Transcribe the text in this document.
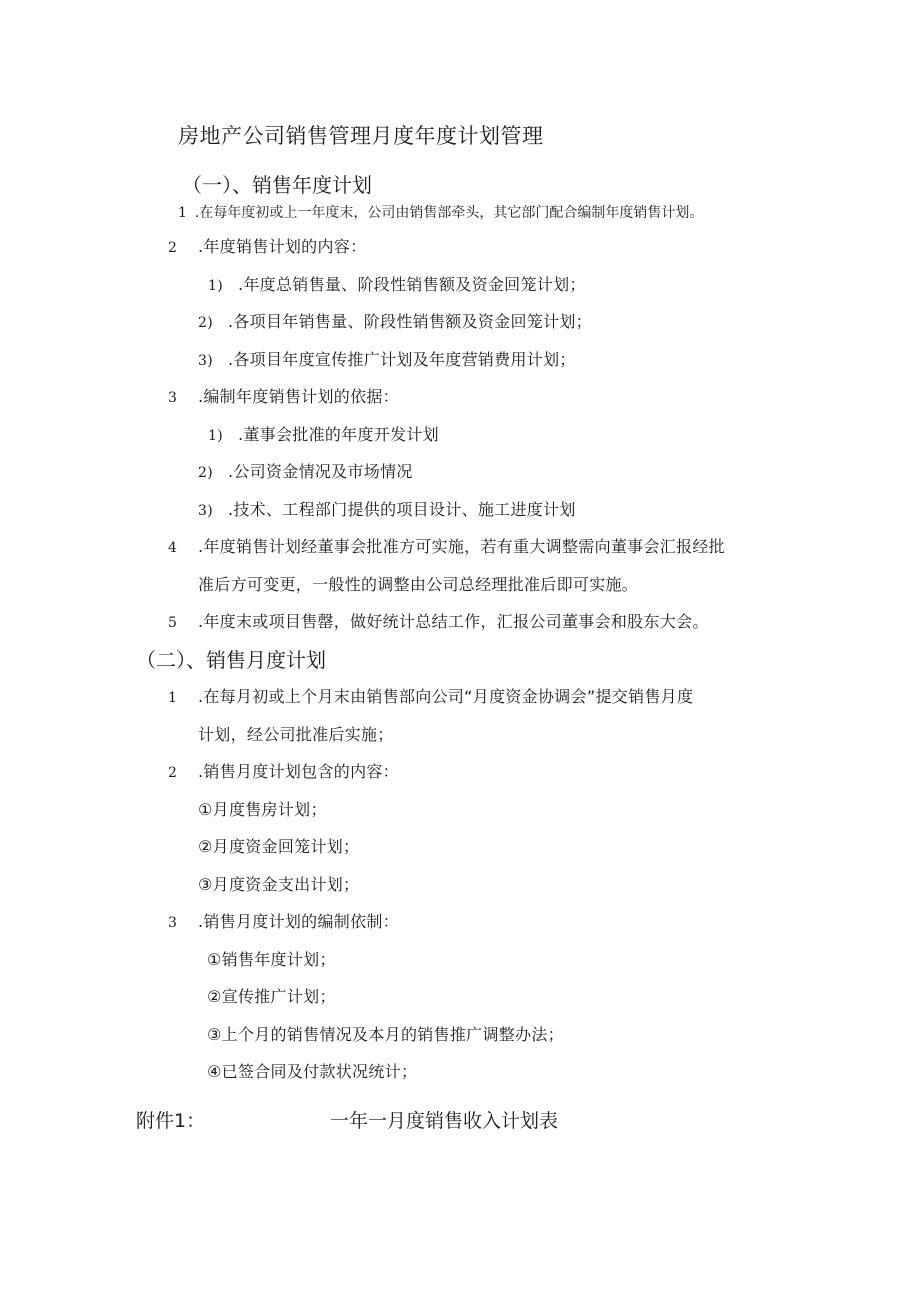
房地产公司销售管理月度年度计划管理
（一）、销售年度计划
1 .在每年度初或上一年度末，公司由销售部牵头，其它部门配合编制年度销售计划。
2 .年度销售计划的内容：
1) .年度总销售量、阶段性销售额及资金回笼计划；
2) .各项目年销售量、阶段性销售额及资金回笼计划；
3) .各项目年度宣传推广计划及年度营销费用计划；
3 .编制年度销售计划的依据：
1) .董事会批准的年度开发计划
2) .公司资金情况及市场情况
3) .技术、工程部门提供的项目设计、施工进度计划
4 .年度销售计划经董事会批准方可实施，若有重大调整需向董事会汇报经批
准后方可变更，一般性的调整由公司总经理批准后即可实施。
5 .年度末或项目售罄，做好统计总结工作，汇报公司董事会和股东大会。
（二）、销售月度计划
1 .在每月初或上个月末由销售部向公司“月度资金协调会”提交销售月度
计划，经公司批准后实施；
2 .销售月度计划包含的内容：
①月度售房计划；
②月度资金回笼计划；
③月度资金支出计划；
3 .销售月度计划的编制依制：
①销售年度计划；
②宣传推广计划；
③上个月的销售情况及本月的销售推广调整办法；
④已签合同及付款状况统计；
附件1：	一年一月度销售收入计划表
